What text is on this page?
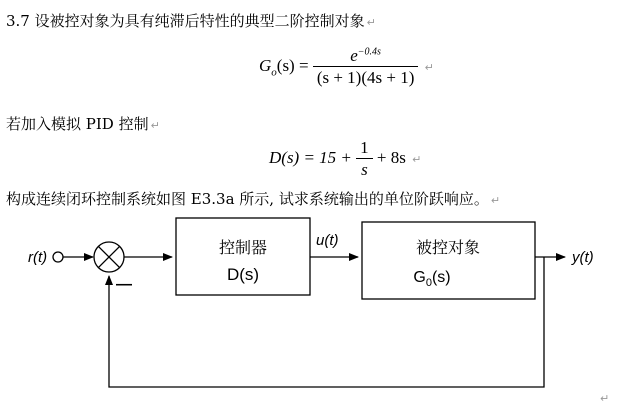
3.7 设被控对象为具有纯滞后特性的典型二阶控制对象 ↵
$G_o(s) = \frac{e^{-0.4s}}{(s + 1)(4s + 1)}$ ↵
若加入模拟 PID 控制 ↵
$D(s) = 15 + \frac{1}{s} + 8s$ ↵
构成连续闭环控制系统如图 E3.3a 所示, 试求系统输出的单位阶跃响应。 ↵
r(t)
—
控制器
D(s)
u(t)	被控对象
$G_0(s)$
y(t)
↵
